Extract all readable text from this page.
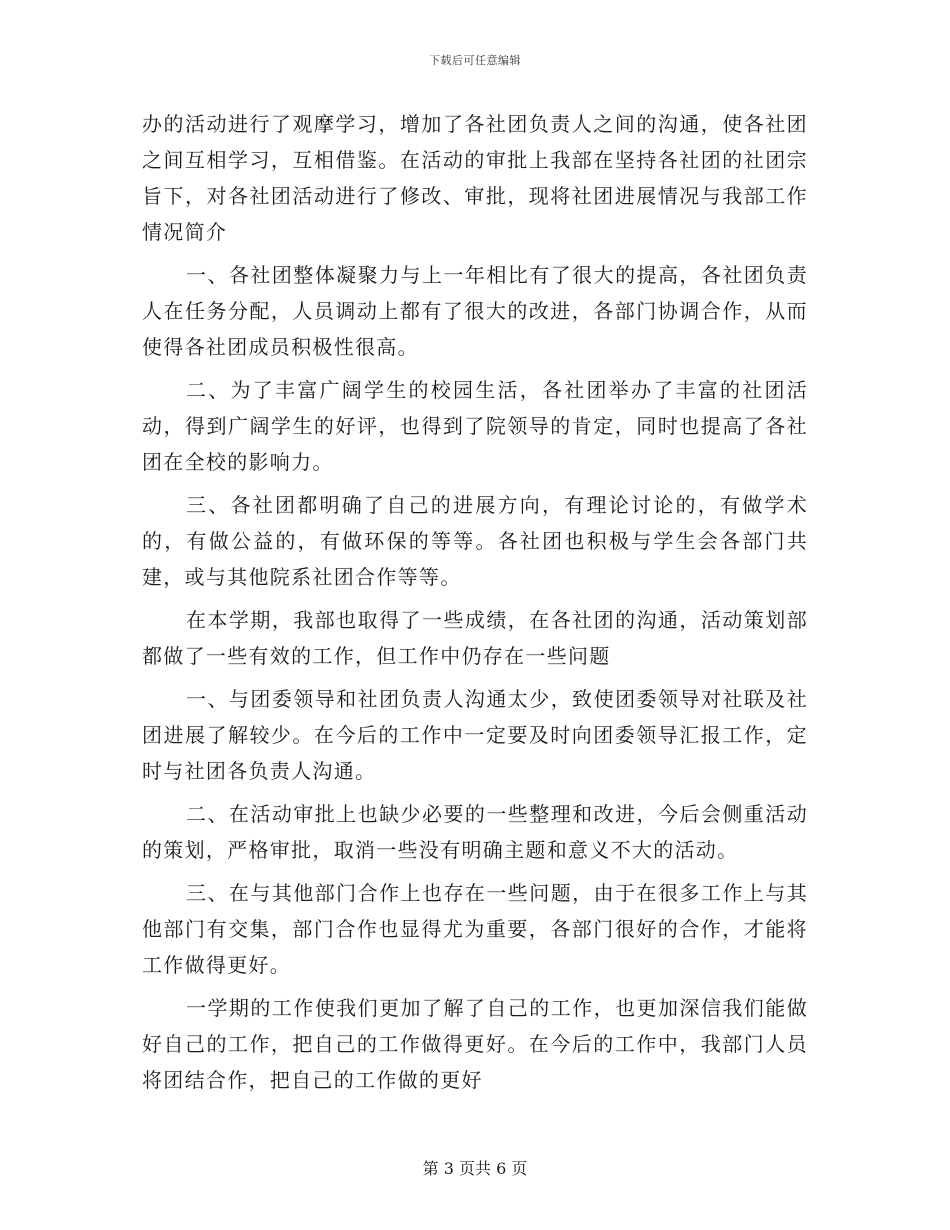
下载后可任意编辑

办的活动进行了观摩学习，增加了各社团负责人之间的沟通，使各社团之间互相学习，互相借鉴。在活动的审批上我部在坚持各社团的社团宗旨下，对各社团活动进行了修改、审批，现将社团进展情况与我部工作情况简介

一、各社团整体凝聚力与上一年相比有了很大的提高，各社团负责人在任务分配，人员调动上都有了很大的改进，各部门协调合作，从而使得各社团成员积极性很高。

二、为了丰富广阔学生的校园生活，各社团举办了丰富的社团活动，得到广阔学生的好评，也得到了院领导的肯定，同时也提高了各社团在全校的影响力。

三、各社团都明确了自己的进展方向，有理论讨论的，有做学术的，有做公益的，有做环保的等等。各社团也积极与学生会各部门共建，或与其他院系社团合作等等。

在本学期，我部也取得了一些成绩，在各社团的沟通，活动策划部都做了一些有效的工作，但工作中仍存在一些问题

一、与团委领导和社团负责人沟通太少，致使团委领导对社联及社团进展了解较少。在今后的工作中一定要及时向团委领导汇报工作，定时与社团各负责人沟通。

二、在活动审批上也缺少必要的一些整理和改进，今后会侧重活动的策划，严格审批，取消一些没有明确主题和意义不大的活动。

三、在与其他部门合作上也存在一些问题，由于在很多工作上与其他部门有交集，部门合作也显得尤为重要，各部门很好的合作，才能将工作做得更好。

一学期的工作使我们更加了解了自己的工作，也更加深信我们能做好自己的工作，把自己的工作做得更好。在今后的工作中，我部门人员将团结合作，把自己的工作做的更好

第 3 页共 6 页
